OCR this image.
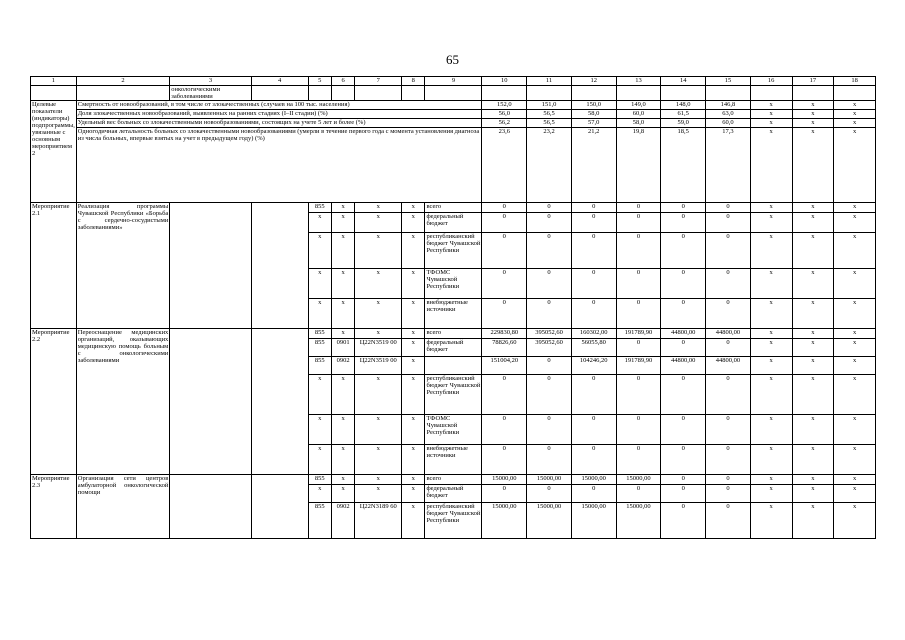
65
1	2	3	4	5	6	7	8	9	10	11	12	13	14	15	16	17	18
		онкологическими заболеваниями															
Целевые показатели (индикаторы) подпрограммы, увязанные с основным мероприятием 2	Смертность от новообразований, в том числе от злокачественных (случаев на 100 тыс. населения)								152,0	151,0	150,0	149,0	148,0	146,8	x	x	x
	Доля злокачественных новообразований, выявленных на ранних стадиях (I–II стадии) (%)								56,0	56,5	58,0	60,0	61,5	63,0	x	x	x
	Удельный вес больных со злокачественными новообразованиями, состоящих на учете 5 лет и более (%)								56,2	56,5	57,0	58,0	59,0	60,0	x	x	x
	Одногодичная летальность больных со злокачественными новообразованиями (умерли в течение первого года с момента установления диагноза из числа больных, впервые взятых на учет в предыдущем году) (%)								23,6	23,2	21,2	19,8	18,5	17,3	x	x	x
Мероприятие 2.1	Реализация программы Чувашской Республики «Борьба с сердечно-сосудистыми заболеваниями»			855	x	x	x	всего	0	0	0	0	0	0	x	x	x
				x	x	x	x	федеральный бюджет	0	0	0	0	0	0	x	x	x
				x	x	x	x	республиканский бюджет Чувашской Республики	0	0	0	0	0	0	x	x	x
				x	x	x	x	ТФОМС Чувашской Республики	0	0	0	0	0	0	x	x	x
				x	x	x	x	внебюджетные источники	0	0	0	0	0	0	x	x	x
Мероприятие 2.2	Переоснащение медицинских организаций, оказывающих медицинскую помощь больным с онкологическими заболеваниями			855	x	x	x	всего	229830,80	395052,60	160302,00	191789,90	44800,00	44800,00	x	x	x
				855	0901	Ц22N3519 00	x	федеральный бюджет	78826,60	395052,60	56055,80	0	0	0	x	x	x
				855	0902	Ц22N3519 00	x		151004,20	0	104246,20	191789,90	44800,00	44800,00	x	x	x
				x	x	x	x	республиканский бюджет Чувашской Республики	0	0	0	0	0	0	x	x	x
				x	x	x	x	ТФОМС Чувашской Республики	0	0	0	0	0	0	x	x	x
				x	x	x	x	внебюджетные источники	0	0	0	0	0	0	x	x	x
Мероприятие 2.3	Организация сети центров амбулаторной онкологической помощи			855	x	x	x	всего	15000,00	15000,00	15000,00	15000,00	0	0	x	x	x
				x	x	x	x	федеральный бюджет	0	0	0	0	0	0	x	x	x
				855	0902	Ц22N3189 60	x	республиканский бюджет Чувашской Республики	15000,00	15000,00	15000,00	15000,00	0	0	x	x	x
